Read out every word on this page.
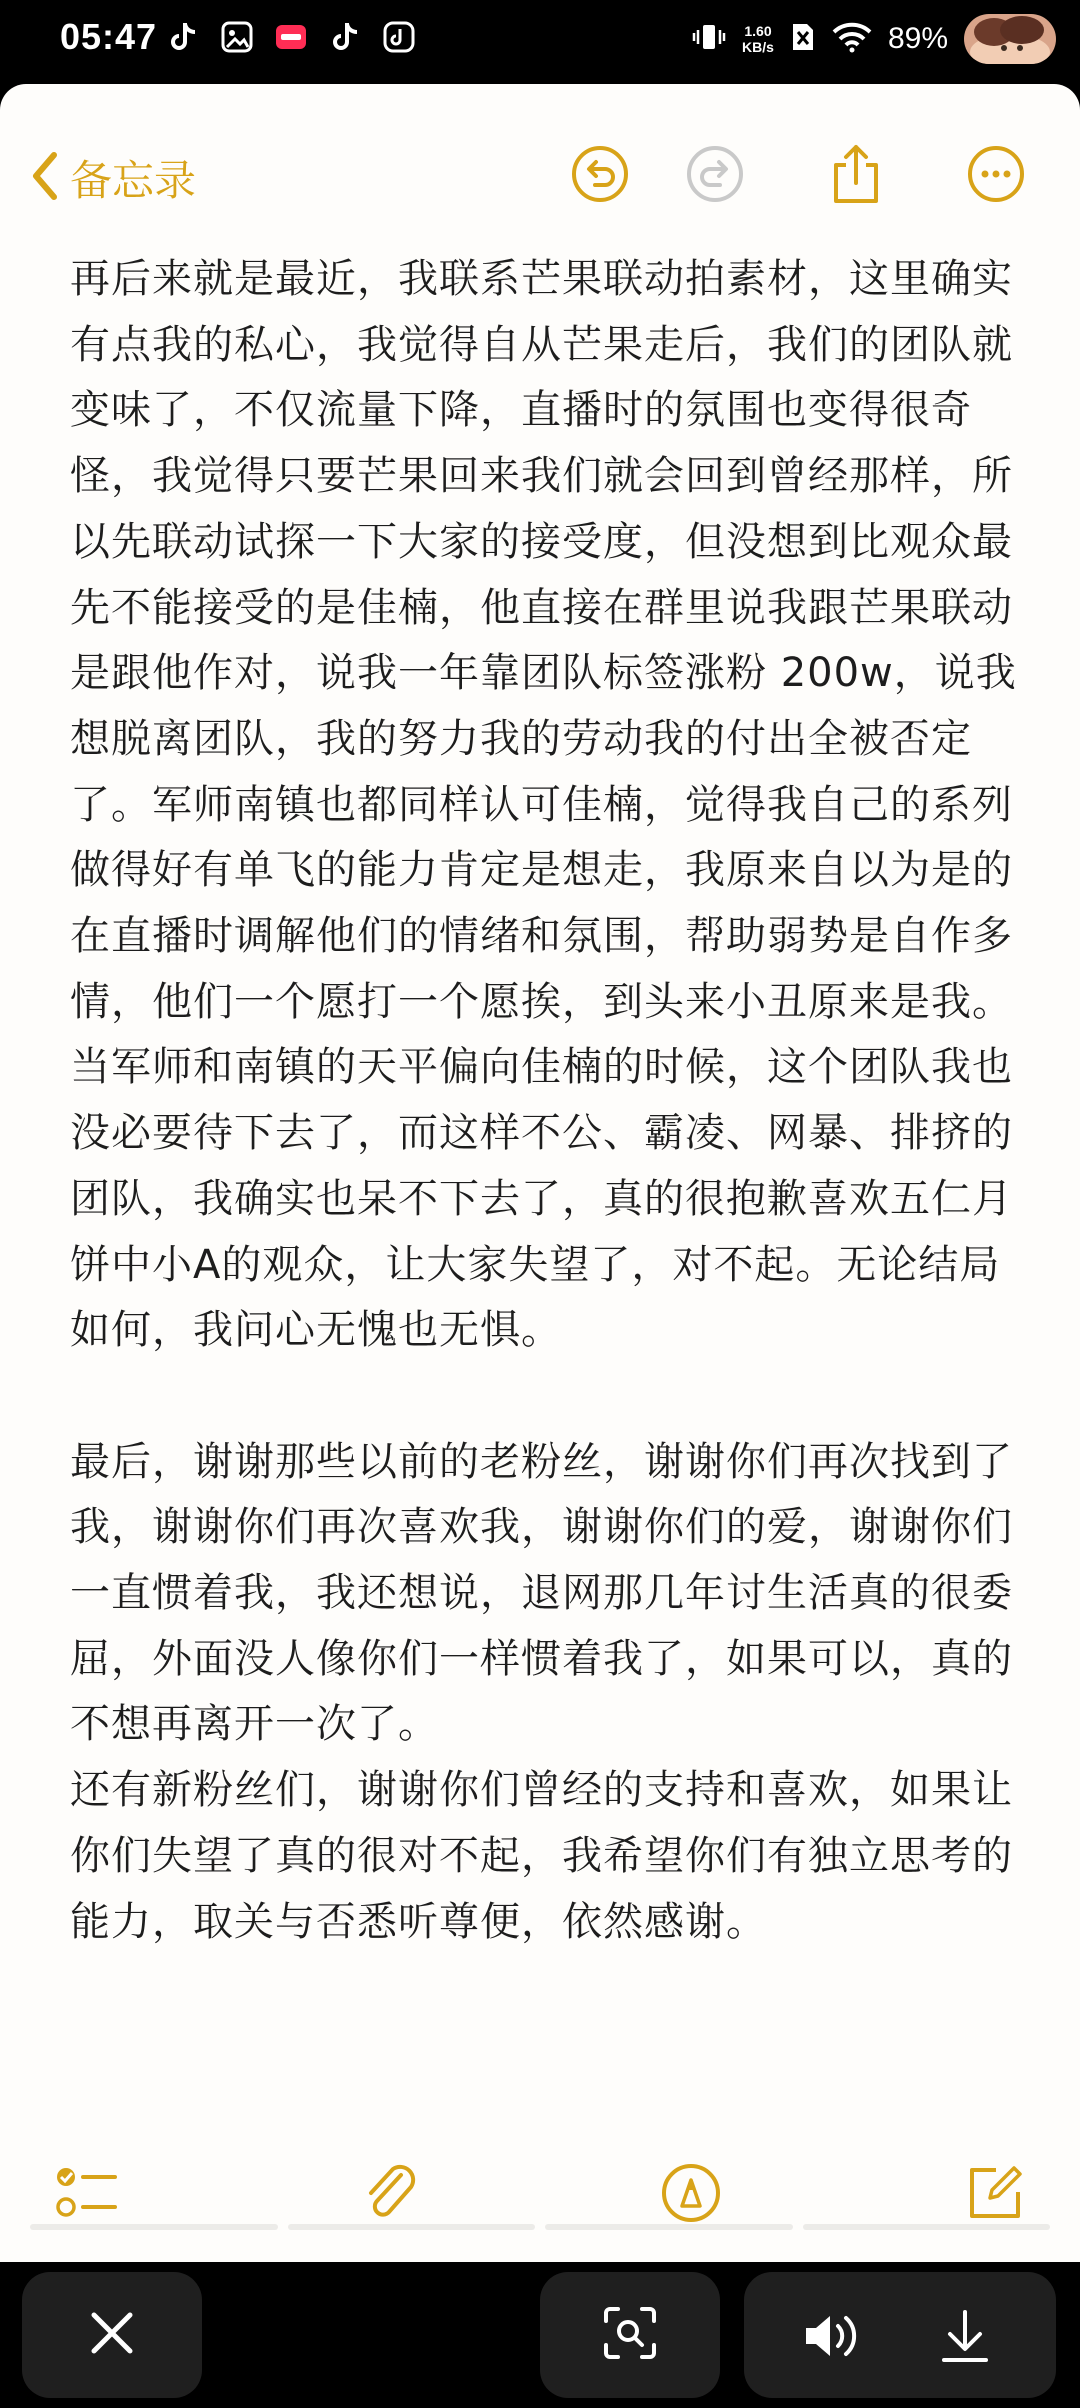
05:47	1.60
KB/s	89%
备忘录

再后来就是最近，我联系芒果联动拍素材，这里确实有点我的私心，我觉得自从芒果走后，我们的团队就变味了，不仅流量下降，直播时的氛围也变得很奇怪，我觉得只要芒果回来我们就会回到曾经那样，所以先联动试探一下大家的接受度，但没想到比观众最先不能接受的是佳楠，他直接在群里说我跟芒果联动是跟他作对，说我一年靠团队标签涨粉 200w，说我想脱离团队，我的努力我的劳动我的付出全被否定了。军师南镇也都同样认可佳楠，觉得我自己的系列做得好有单飞的能力肯定是想走，我原来自以为是的在直播时调解他们的情绪和氛围，帮助弱势是自作多情，他们一个愿打一个愿挨，到头来小丑原来是我。当军师和南镇的天平偏向佳楠的时候，这个团队我也没必要待下去了，而这样不公、霸凌、网暴、排挤的团队，我确实也呆不下去了，真的很抱歉喜欢五仁月饼中小A的观众，让大家失望了，对不起。无论结局如何，我问心无愧也无惧。

最后，谢谢那些以前的老粉丝，谢谢你们再次找到了我，谢谢你们再次喜欢我，谢谢你们的爱，谢谢你们一直惯着我，我还想说，退网那几年讨生活真的很委屈，外面没人像你们一样惯着我了，如果可以，真的不想再离开一次了。

还有新粉丝们，谢谢你们曾经的支持和喜欢，如果让你们失望了真的很对不起，我希望你们有独立思考的能力，取关与否悉听尊便，依然感谢。
